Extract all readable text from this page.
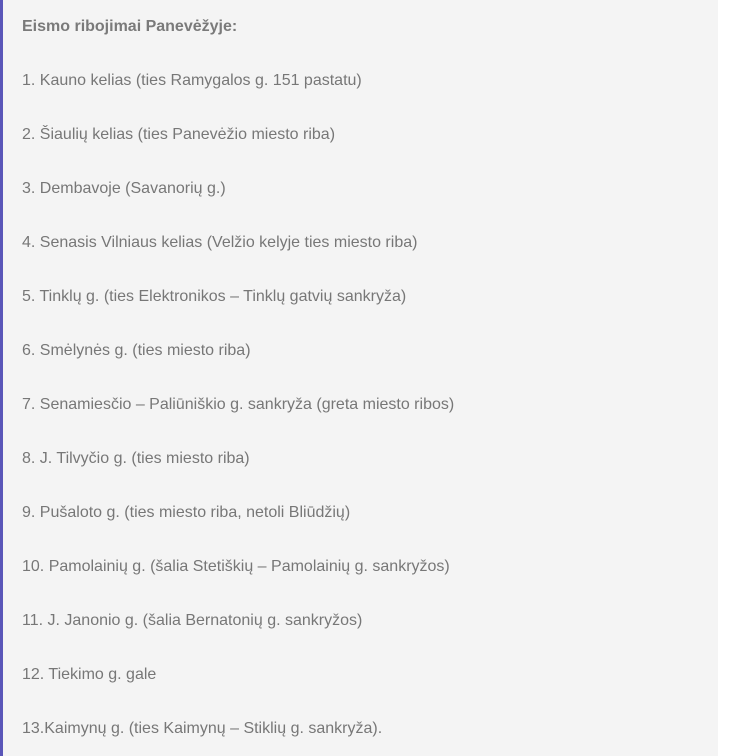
Eismo ribojimai Panevėžyje:

1. Kauno kelias (ties Ramygalos g. 151 pastatu)
2. Šiaulių kelias (ties Panevėžio miesto riba)
3. Dembavoje (Savanorių g.)
4. Senasis Vilniaus kelias (Velžio kelyje ties miesto riba)
5. Tinklų g. (ties Elektronikos – Tinklų gatvių sankryža)
6. Smėlynės g. (ties miesto riba)
7. Senamiesčio – Paliūniškio g. sankryža (greta miesto ribos)
8. J. Tilvyčio g. (ties miesto riba)
9. Pušaloto g. (ties miesto riba, netoli Bliūdžių)
10. Pamolainių g. (šalia Stetiškių – Pamolainių g. sankryžos)
11. J. Janonio g. (šalia Bernatonių g. sankryžos)
12. Tiekimo g. gale
13.Kaimynų g. (ties Kaimynų – Stiklių g. sankryža).
